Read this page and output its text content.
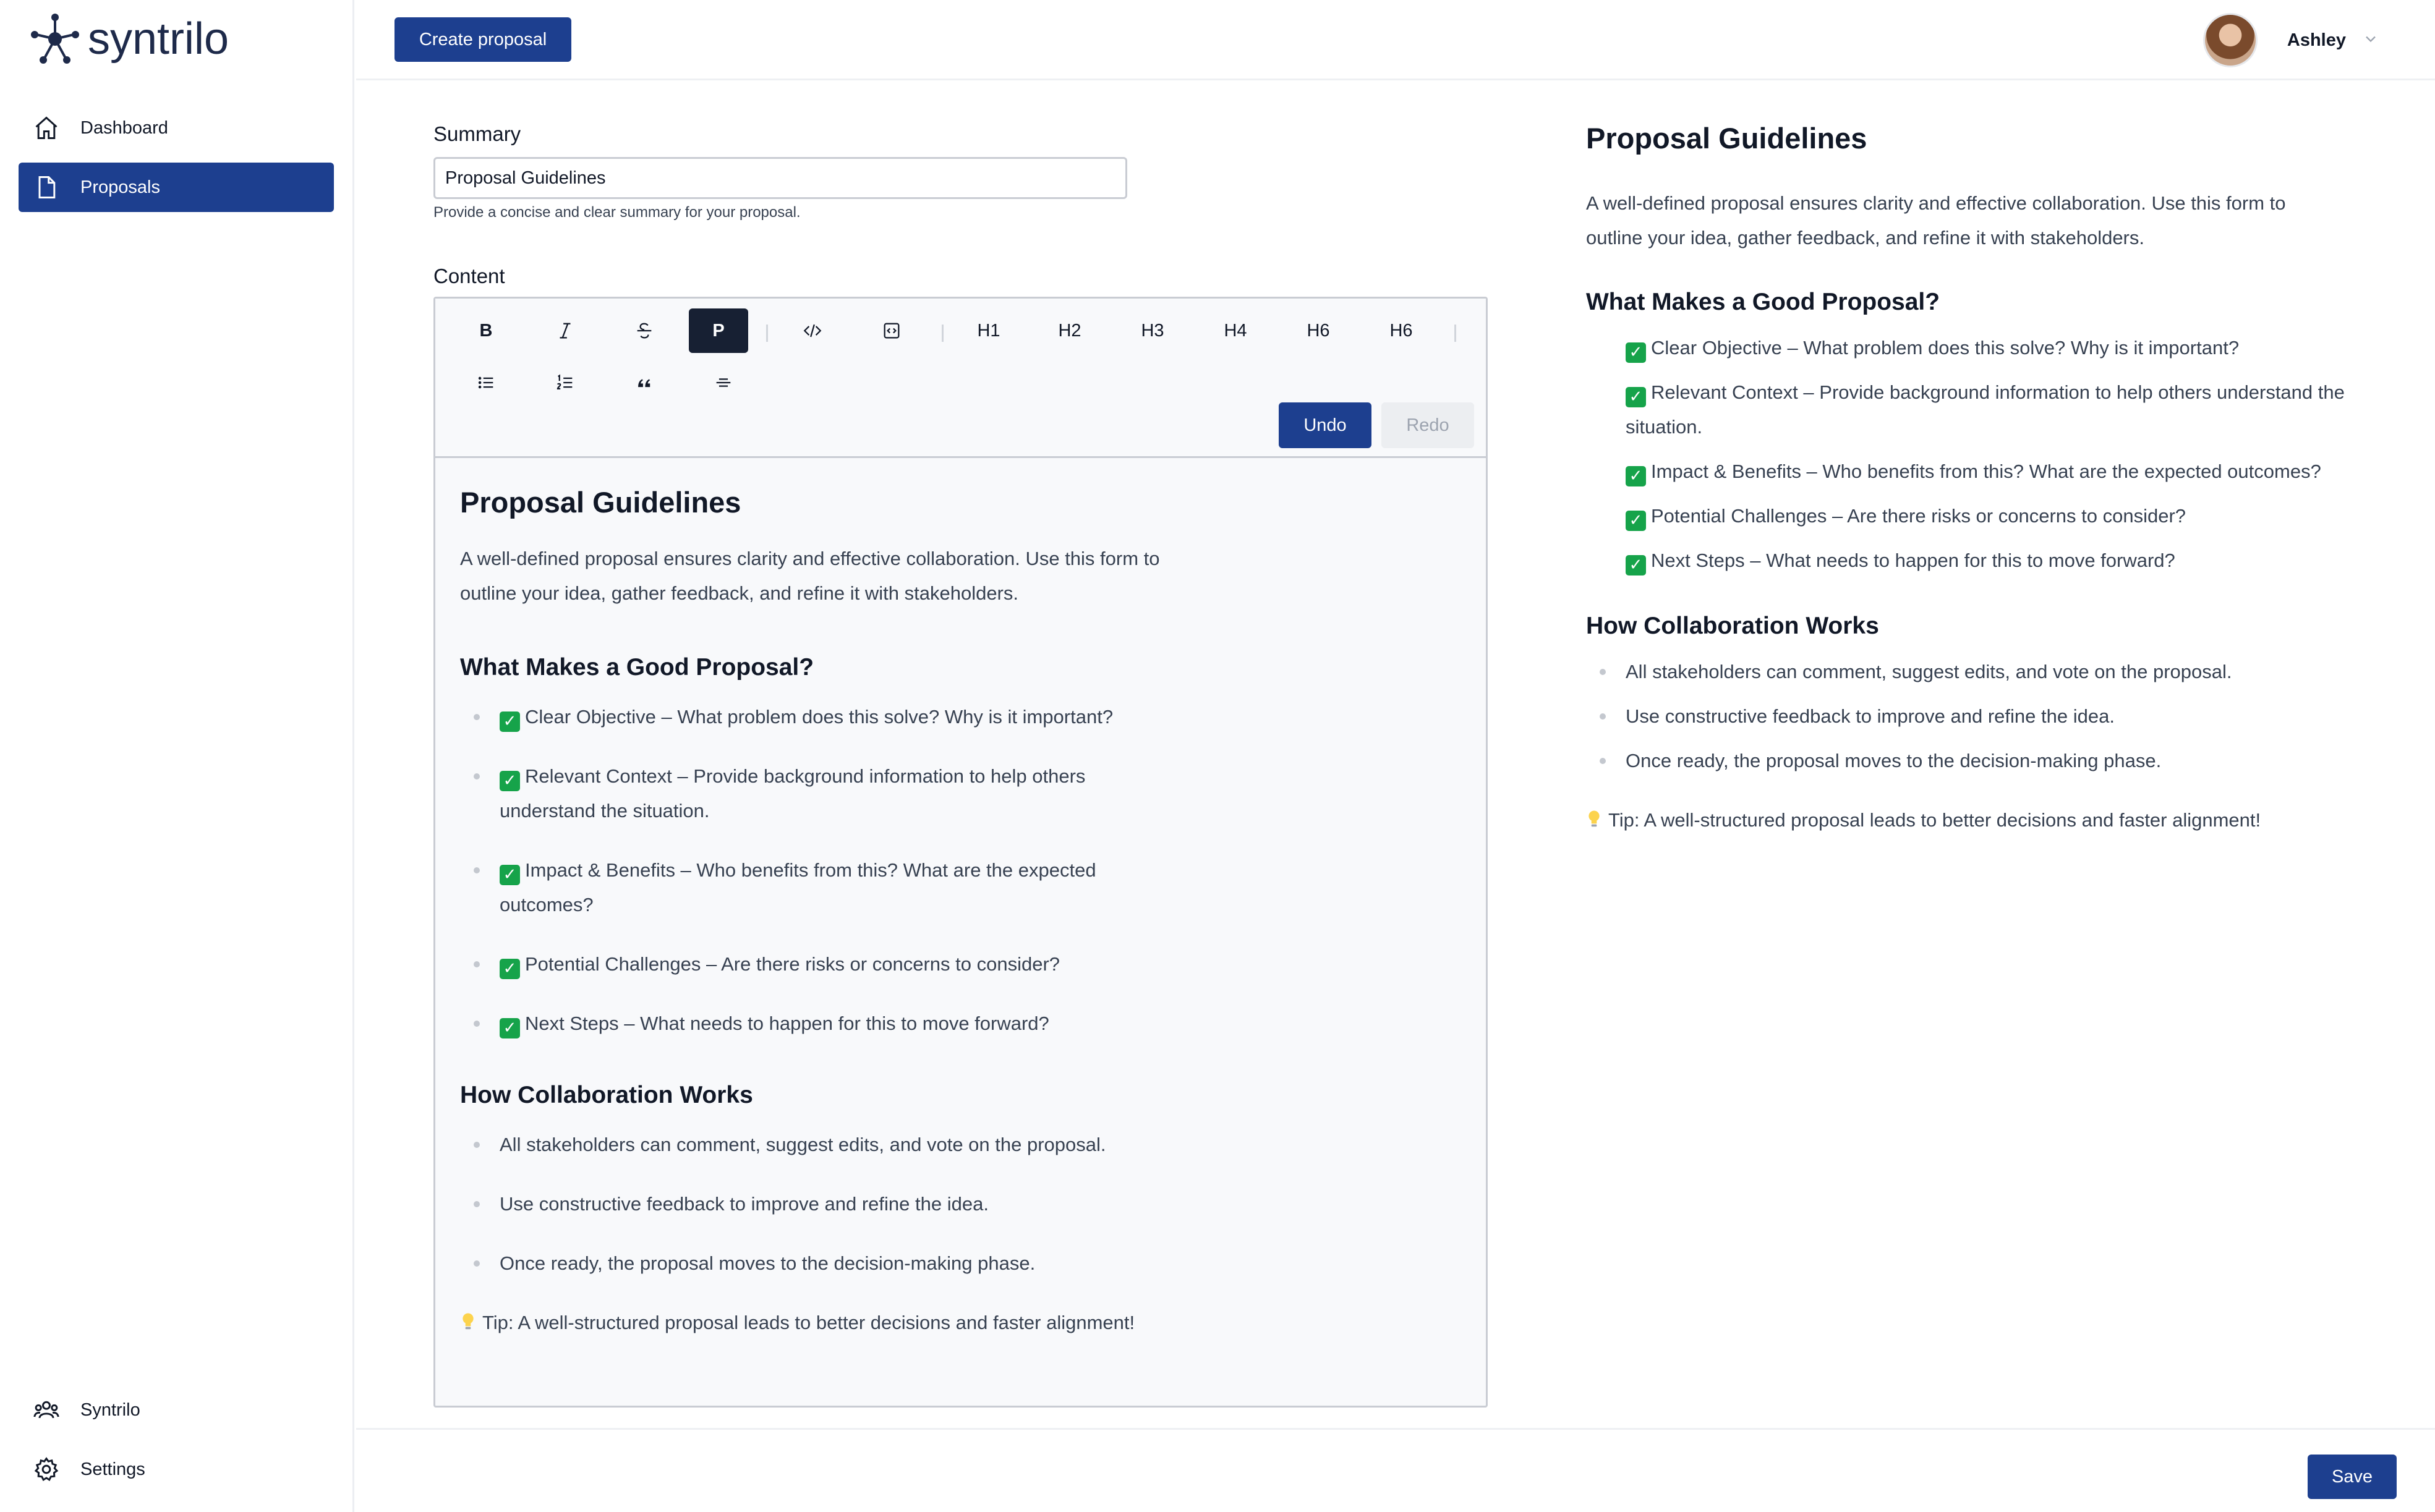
syntrilo
Dashboard
Proposals
Syntrilo
Settings
Create proposal	Ashley
Summary
Proposal Guidelines
Provide a concise and clear summary for your proposal.
Content
B	P	H1	H2	H3	H4	H6	H6
Undo	Redo
Proposal Guidelines

A well-defined proposal ensures clarity and effective collaboration. Use this form to

outline your idea, gather feedback, and refine it with stakeholders.

What Makes a Good Proposal?
✓ Clear Objective – What problem does this solve? Why is it important?
✓ Relevant Context – Provide background information to help others
understand the situation.
✓ Impact & Benefits – Who benefits from this? What are the expected
outcomes?
✓ Potential Challenges – Are there risks or concerns to consider?
✓ Next Steps – What needs to happen for this to move forward?
How Collaboration Works
All stakeholders can comment, suggest edits, and vote on the proposal.
Use constructive feedback to improve and refine the idea.
Once ready, the proposal moves to the decision-making phase.

Tip: A well-structured proposal leads to better decisions and faster alignment!

Proposal Guidelines

A well-defined proposal ensures clarity and effective collaboration. Use this form to

outline your idea, gather feedback, and refine it with stakeholders.

What Makes a Good Proposal?
✓ Clear Objective – What problem does this solve? Why is it important?
✓ Relevant Context – Provide background information to help others understand the situation.
✓ Impact & Benefits – Who benefits from this? What are the expected outcomes?
✓ Potential Challenges – Are there risks or concerns to consider?
✓ Next Steps – What needs to happen for this to move forward?
How Collaboration Works
All stakeholders can comment, suggest edits, and vote on the proposal.
Use constructive feedback to improve and refine the idea.
Once ready, the proposal moves to the decision-making phase.

Tip: A well-structured proposal leads to better decisions and faster alignment!

Save
